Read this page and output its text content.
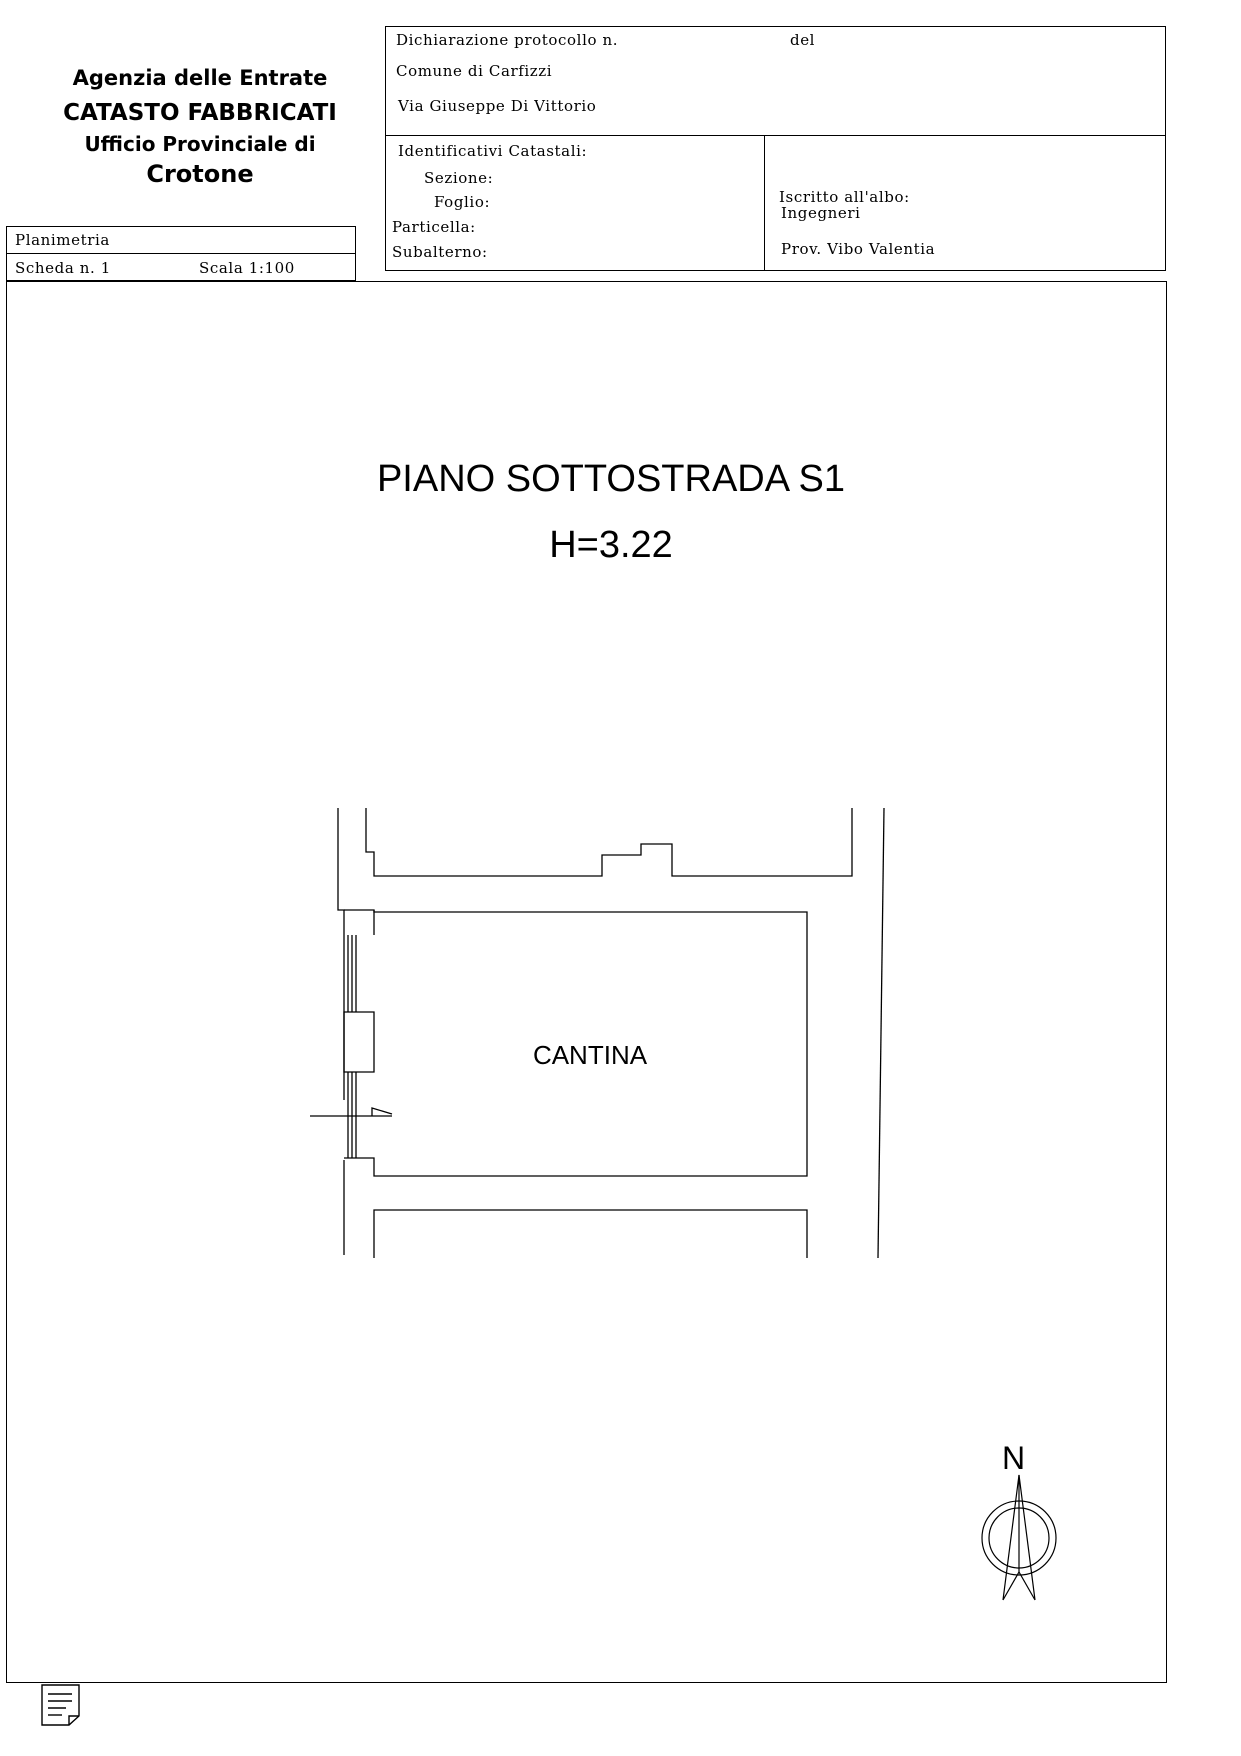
Agenzia delle Entrate
CATASTO FABBRICATI
Ufficio Provinciale di
Crotone
Planimetria
Scheda n. 1	Scala 1:100
Dichiarazione protocollo n.	del
Comune di Carfizzi
Via Giuseppe Di Vittorio
Identificativi Catastali:
Sezione:
Foglio:
Particella:
Subalterno:
Iscritto all'albo:
Ingegneri
Prov. Vibo Valentia
PIANO SOTTOSTRADA S1
H=3.22
CANTINA
N
